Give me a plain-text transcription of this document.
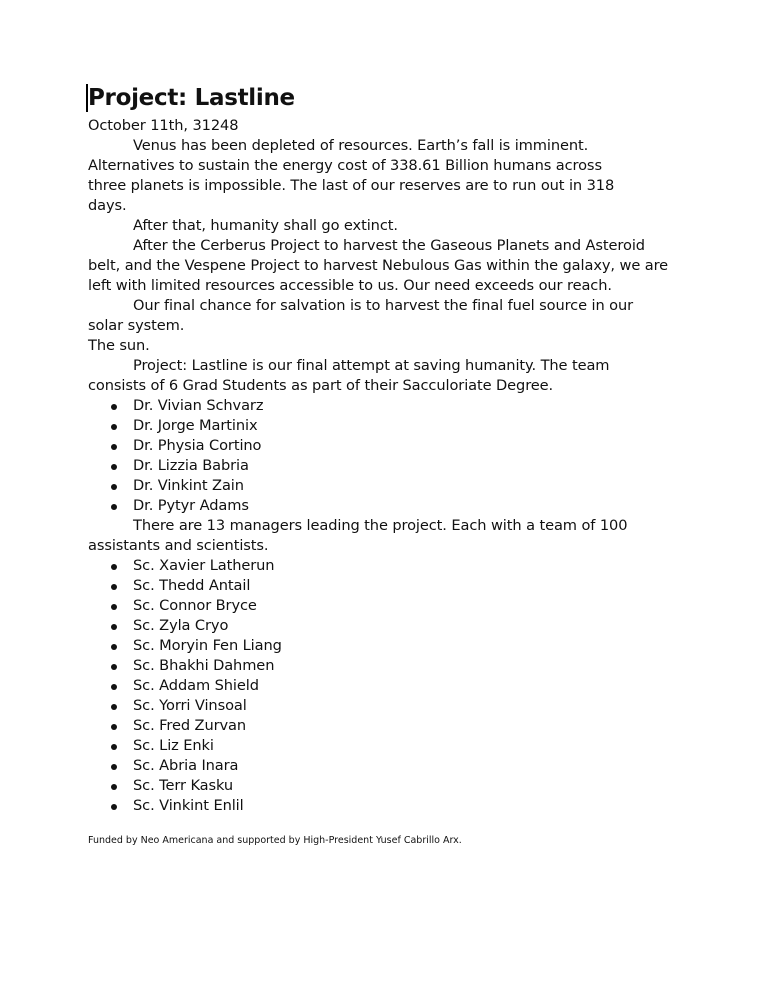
Project: Lastline

October 11th, 31248

Venus has been depleted of resources. Earth’s fall is imminent. Alternatives to sustain the energy cost of 338.61 Billion humans across three planets is impossible. The last of our reserves are to run out in 318 days.

After that, humanity shall go extinct.

After the Cerberus Project to harvest the Gaseous Planets and Asteroid belt, and the Vespene Project to harvest Nebulous Gas within the galaxy, we are left with limited resources accessible to us. Our need exceeds our reach.

Our final chance for salvation is to harvest the final fuel source in our solar system.

The sun.

Project: Lastline is our final attempt at saving humanity. The team consists of 6 Grad Students as part of their Sacculoriate Degree.

Dr. Vivian Schvarz
Dr. Jorge Martinix
Dr. Physia Cortino
Dr. Lizzia Babria
Dr. Vinkint Zain
Dr. Pytyr Adams

There are 13 managers leading the project. Each with a team of 100 assistants and scientists.

Sc. Xavier Latherun
Sc. Thedd Antail
Sc. Connor Bryce
Sc. Zyla Cryo
Sc. Moryin Fen Liang
Sc. Bhakhi Dahmen
Sc. Addam Shield
Sc. Yorri Vinsoal
Sc. Fred Zurvan
Sc. Liz Enki
Sc. Abria Inara
Sc. Terr Kasku
Sc. Vinkint Enlil

Funded by Neo Americana and supported by High-President Yusef Cabrillo Arx.
